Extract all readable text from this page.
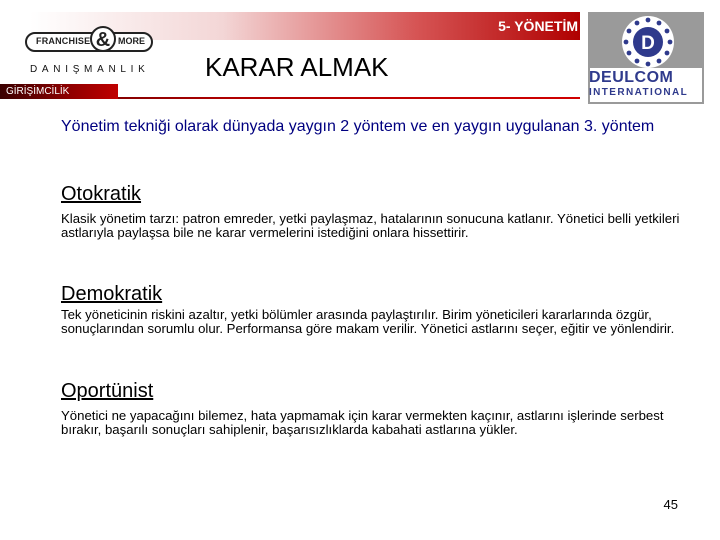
5- YÖNETİM
GİRİŞİMCİLİK
FRANCHISE & MORE
DANIŞMANLIK KARAR ALMAK
D
DEULCOM
INTERNATIONAL
Yönetim tekniği olarak dünyada yaygın 2 yöntem ve en yaygın uygulanan 3. yöntem
Otokratik
Klasik yönetim tarzı: patron emreder, yetki paylaşmaz, hatalarının sonucuna katlanır. Yönetici belli yetkileri astlarıyla paylaşsa bile ne karar vermelerini istediğini onlara hissettirir.
Demokratik
Tek yöneticinin riskini azaltır, yetki bölümler arasında paylaştırılır. Birim yöneticileri kararlarında özgür, sonuçlarından sorumlu olur. Performansa göre makam verilir. Yönetici astlarını seçer, eğitir ve yönlendirir.
Oportünist
Yönetici ne yapacağını bilemez, hata yapmamak için karar vermekten kaçınır, astlarını işlerinde serbest bırakır, başarılı sonuçları sahiplenir, başarısızlıklarda kabahati astlarına yükler.
45
